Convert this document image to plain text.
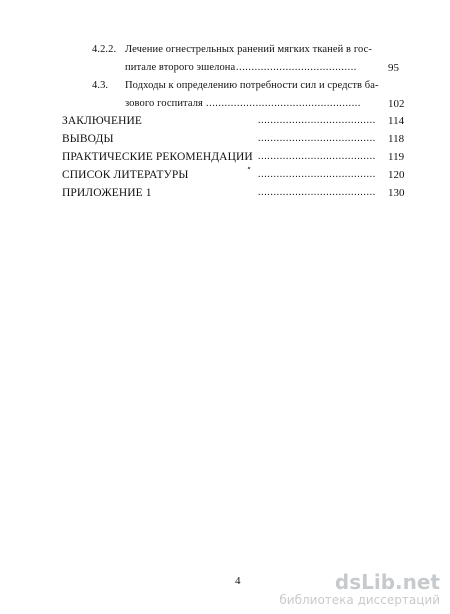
4.2.2. Лечение огнестрельных ранений мягких тканей в гос-
питале второго эшелона .......................................	95
4.3. Подходы к определению потребности сил и средств ба-
зового госпиталя .................................................. 102
ЗАКЛЮЧЕНИЕ	...................................... 114
ВЫВОДЫ	...................................... 118
ПРАКТИЧЕСКИЕ РЕКОМЕНДАЦИИ ...................................... 119
СПИСОК ЛИТЕРАТУРЫ	...................................... 120
ПРИЛОЖЕНИЕ 1	...................................... 130
4	dsLib.net
библиотека диссертаций
